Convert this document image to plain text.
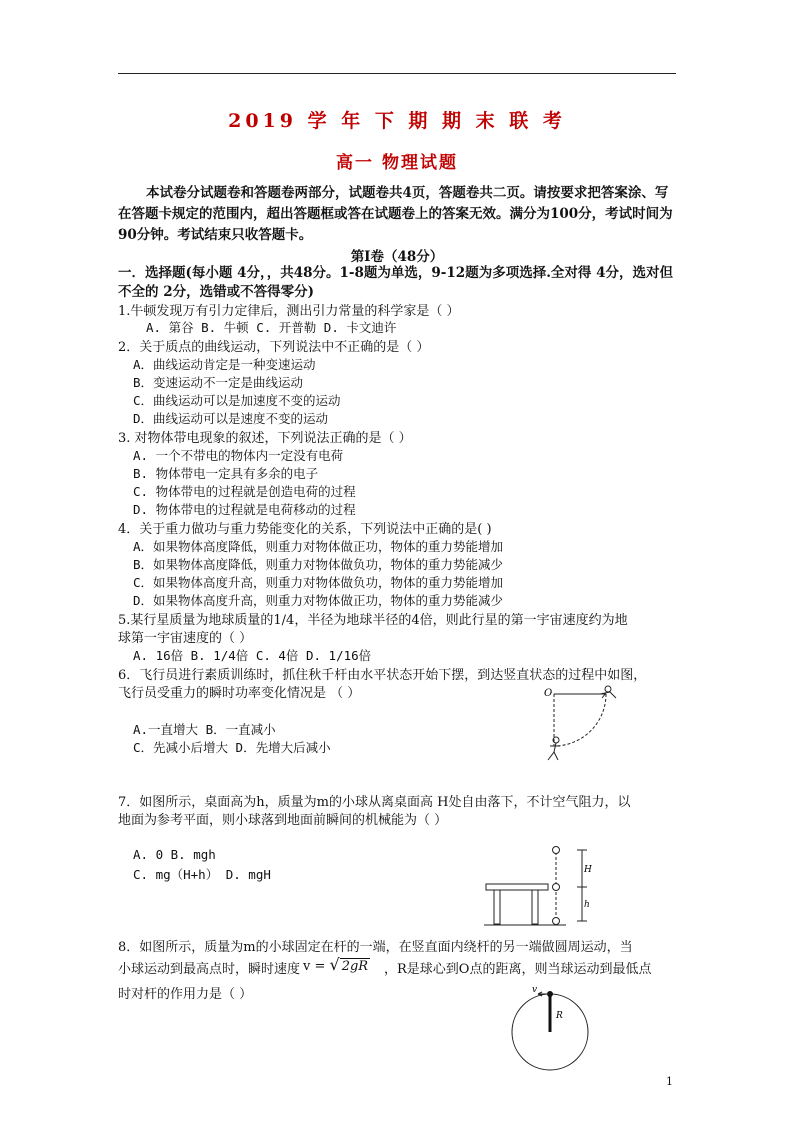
2019 学 年 下 期 期 末 联 考
高一 物理试题
本试卷分试题卷和答题卷两部分，试题卷共4页，答题卷共二页。请按要求把答案涂、写在答题卡规定的范围内，超出答题框或答在试题卷上的答案无效。满分为100分，考试时间为90分钟。考试结束只收答题卡。
第Ⅰ卷（48分）
一．选择题(每小题 4分，，共48分。1-8题为单选，9-12题为多项选择.全对得 4分，选对但不全的 2分，选错或不答得零分)
1.牛顿发现万有引力定律后，测出引力常量的科学家是（ ）
A. 第谷 B. 牛顿 C. 开普勒 D. 卡文迪许
2．关于质点的曲线运动，下列说法中不正确的是（ ）
A．曲线运动肯定是一种变速运动
B．变速运动不一定是曲线运动
C．曲线运动可以是加速度不变的运动
D．曲线运动可以是速度不变的运动
3. 对物体带电现象的叙述，下列说法正确的是（ ）
A. 一个不带电的物体内一定没有电荷
B. 物体带电一定具有多余的电子
C. 物体带电的过程就是创造电荷的过程
D. 物体带电的过程就是电荷移动的过程
4．关于重力做功与重力势能变化的关系，下列说法中正确的是( )
A．如果物体高度降低，则重力对物体做正功，物体的重力势能增加
B．如果物体高度降低，则重力对物体做负功，物体的重力势能减少
C．如果物体高度升高，则重力对物体做负功，物体的重力势能增加
D．如果物体高度升高，则重力对物体做正功，物体的重力势能减少
5.某行星质量为地球质量的1/4，半径为地球半径的4倍，则此行星的第一宇宙速度约为地
球第一宇宙速度的（ ）
A. 16倍 B. 1/4倍 C. 4倍 D. 1/16倍
6．飞行员进行素质训练时，抓住秋千杆由水平状态开始下摆，到达竖直状态的过程中如图，
飞行员受重力的瞬时功率变化情况是 （ ）
A.一直增大 B．一直减小
C．先减小后增大 D．先增大后减小
O
7．如图所示，桌面高为h，质量为m的小球从离桌面高 H处自由落下，不计空气阻力，以
地面为参考平面，则小球落到地面前瞬间的机械能为（ ）
A. 0 B. mgh
C. mg（H+h） D. mgH	H
h
8．如图所示，质量为m的小球固定在杆的一端，在竖直面内绕杆的另一端做圆周运动，当
小球运动到最高点时，瞬时速度 v = √ 2gR ，R是球心到O点的距离，则当球运动到最低点
时对杆的作用力是（ ）	v
R
1
